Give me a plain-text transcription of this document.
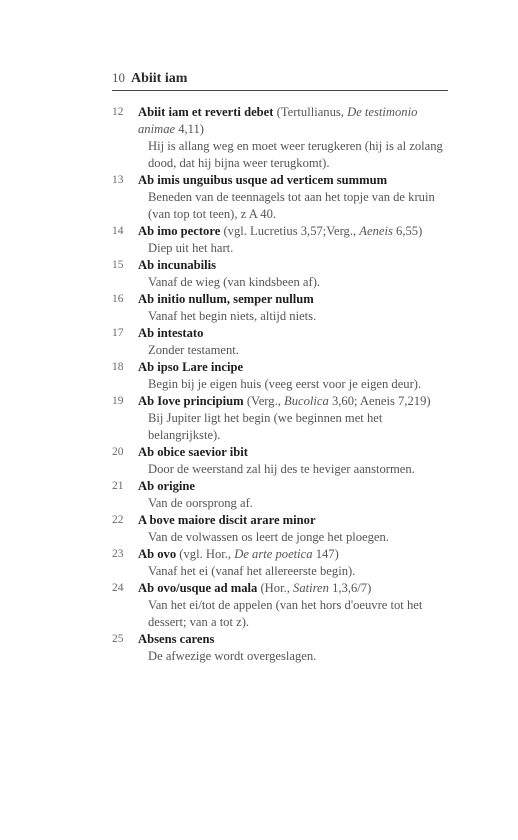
10 Abiit iam
12	Abiit iam et reverti debet (Tertullianus, De testimonio animae 4,11)
Hij is allang weg en moet weer terugkeren (hij is al zolang dood, dat hij bijna weer terugkomt).
13	Ab imis unguibus usque ad verticem summum
Beneden van de teennagels tot aan het topje van de kruin (van top tot teen), z A 40.
14	Ab imo pectore (vgl. Lucretius 3,57;Verg., Aeneis 6,55)
Diep uit het hart.
15	Ab incunabilis
Vanaf de wieg (van kindsbeen af).
16	Ab initio nullum, semper nullum
Vanaf het begin niets, altijd niets.
17	Ab intestato
Zonder testament.
18	Ab ipso Lare incipe
Begin bij je eigen huis (veeg eerst voor je eigen deur).
19	Ab Iove principium (Verg., Bucolica 3,60; Aeneis 7,219)
Bij Jupiter ligt het begin (we beginnen met het belangrijkste).
20	Ab obice saevior ibit
Door de weerstand zal hij des te heviger aanstormen.
21	Ab origine
Van de oorsprong af.
22	A bove maiore discit arare minor
Van de volwassen os leert de jonge het ploegen.
23	Ab ovo (vgl. Hor., De arte poetica 147)
Vanaf het ei (vanaf het allereerste begin).
24	Ab ovo/usque ad mala (Hor., Satiren 1,3,6/7)
Van het ei/tot de appelen (van het hors d'oeuvre tot het dessert; van a tot z).
25	Absens carens
De afwezige wordt overgeslagen.
